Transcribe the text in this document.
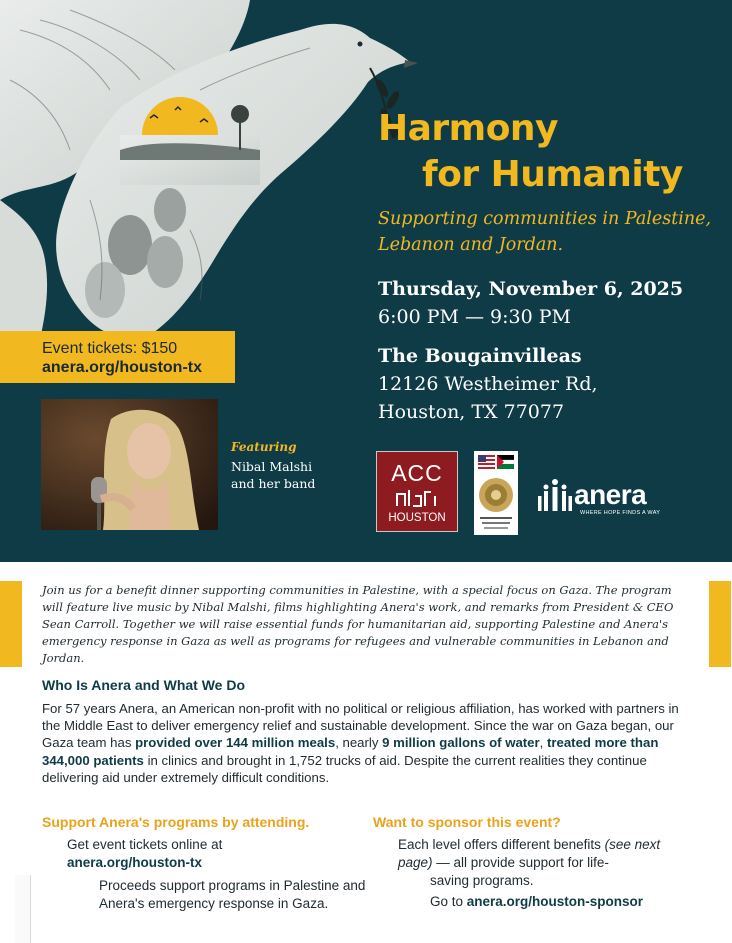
Harmony
for Humanity
Supporting communities in Palestine, Lebanon and Jordan.
Thursday, November 6, 2025
6:00 PM — 9:30 PM
The Bougainvilleas
12126 Westheimer Rd,
Houston, TX 77077
Event tickets: $150
anera.org/houston-tx
Featuring
Nibal Malshi
and her band	ACC
HOUSTON
anera
WHERE HOPE FINDS A WAY

Join us for a benefit dinner supporting communities in Palestine, with a special focus on Gaza. The program will feature live music by Nibal Malshi, films highlighting Anera's work, and remarks from President & CEO Sean Carroll. Together we will raise essential funds for humanitarian aid, supporting Palestine and Anera's emergency response in Gaza as well as programs for refugees and vulnerable communities in Lebanon and Jordan.

Who Is Anera and What We Do

For 57 years Anera, an American non-profit with no political or religious affiliation, has worked with partners in the Middle East to deliver emergency relief and sustainable development. Since the war on Gaza began, our Gaza team has provided over 144 million meals, nearly 9 million gallons of water, treated more than 344,000 patients in clinics and brought in 1,752 trucks of aid. Despite the current realities they continue delivering aid under extremely difficult conditions.

Support Anera's programs by attending.
Get event tickets online at
anera.org/houston-tx
Proceeds support programs in Palestine and Anera's emergency response in Gaza.
Want to sponsor this event?
Each level offers different benefits (see next page) — all provide support for life-
saving programs.
Go to anera.org/houston-sponsor
